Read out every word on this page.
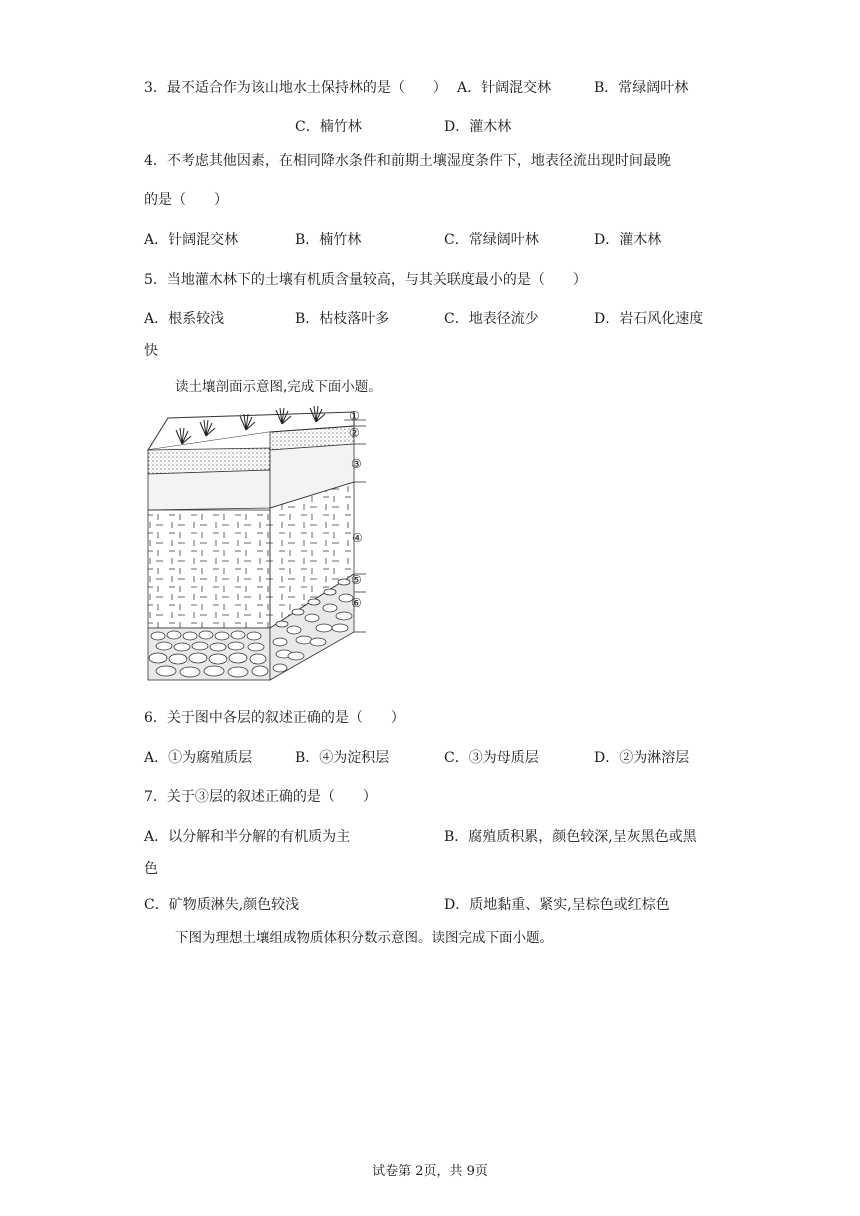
3．最不适合作为该山地水土保持林的是（　　） A．针阔混交林	B．常绿阔叶林
C．楠竹林	D．灌木林
4．不考虑其他因素，在相同降水条件和前期土壤湿度条件下，地表径流出现时间最晚
的是（　　）
A．针阔混交林	B．楠竹林	C．常绿阔叶林	D．灌木林
5．当地灌木林下的土壤有机质含量较高，与其关联度最小的是（　　）
A．根系较浅	B．枯枝落叶多	C．地表径流少	D．岩石风化速度
快
读土壤剖面示意图,完成下面小题。
①
②
③
④
⑤
⑥
6．关于图中各层的叙述正确的是（　　）
A．①为腐殖质层	B．④为淀积层	C．③为母质层	D．②为淋溶层
7．关于③层的叙述正确的是（　　）
A．以分解和半分解的有机质为主	B．腐殖质积累，颜色较深,呈灰黑色或黑
色
C．矿物质淋失,颜色较浅	D．质地黏重、紧实,呈棕色或红棕色
下图为理想土壤组成物质体积分数示意图。读图完成下面小题。
试卷第 2页，共 9页
